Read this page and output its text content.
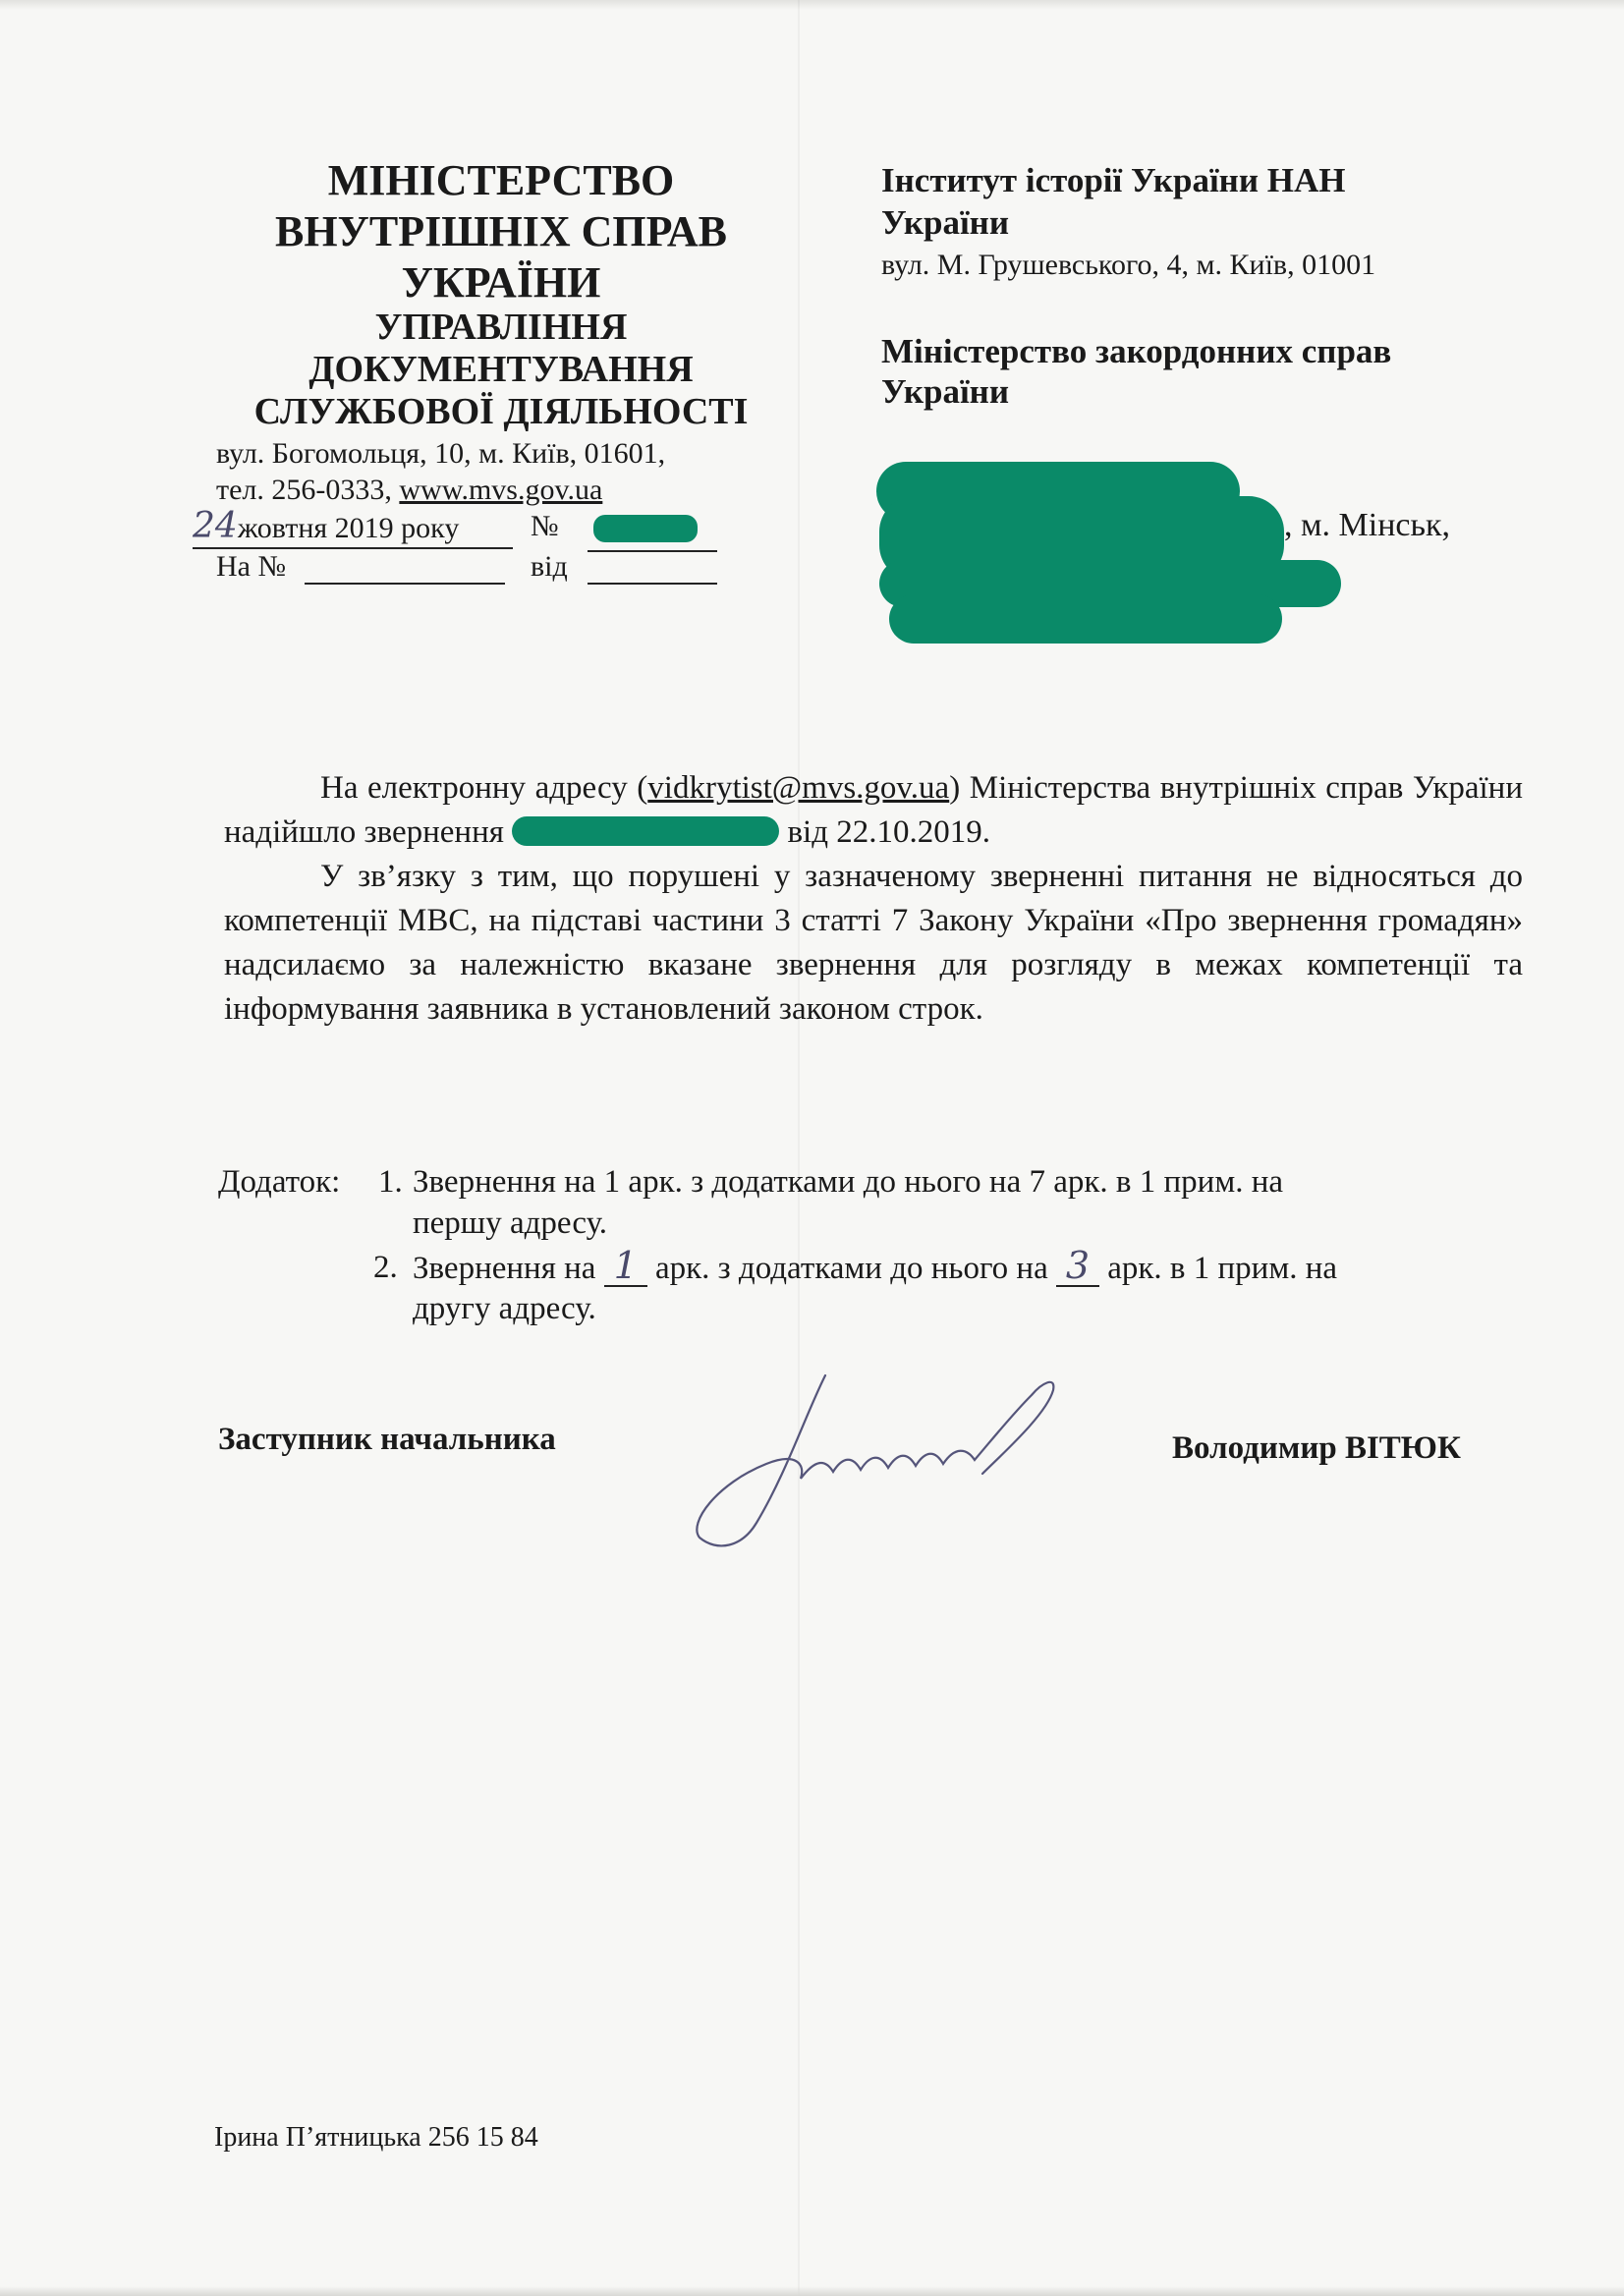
МІНІСТЕРСТВО
ВНУТРІШНІХ СПРАВ
УКРАЇНИ
УПРАВЛІННЯ
ДОКУМЕНТУВАННЯ
СЛУЖБОВОЇ ДІЯЛЬНОСТІ
вул. Богомольця, 10, м. Київ, 01601,
тел. 256-0333, www.mvs.gov.ua
24жовтня 2019 року №
На №	від
Інститут історії України НАН
України
вул. М. Грушевського, 4, м. Київ, 01001
Міністерство закордонних справ
України
, м. Мінськ,

На електронну адресу (vidkrytist@mvs.gov.ua) Міністерства внутрішніх справ України надійшло звернення	від 22.10.2019.

У зв’язку з тим, що порушені у зазначеному зверненні питання не відносяться до компетенції МВС, на підставі частини 3 статті 7 Закону України «Про звернення громадян» надсилаємо за належністю вказане звернення для розгляду в межах компетенції та інформування заявника в установлений законом строк.

Додаток: 1. Звернення на 1 арк. з додатками до нього на 7 арк. в 1 прим. на
першу адресу.
2. Звернення на 1 арк. з додатками до нього на 3 арк. в 1 прим. на
другу адресу.
Заступник начальника	Володимир ВІТЮК
Ірина П’ятницька 256 15 84
